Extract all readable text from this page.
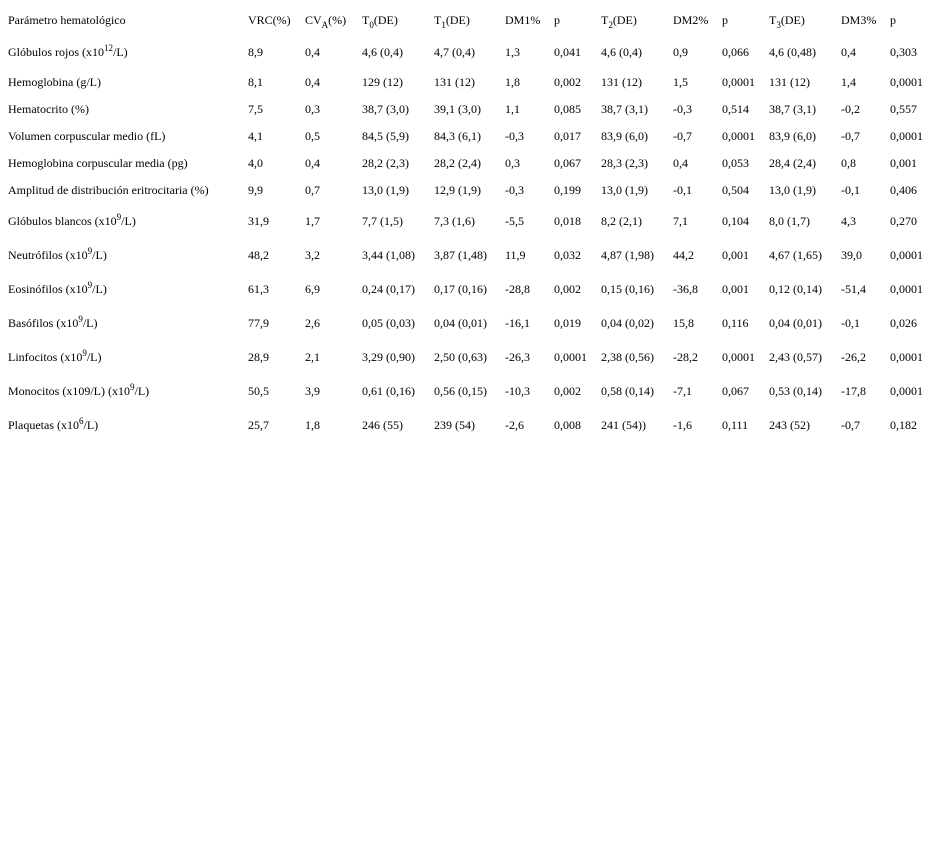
Parámetro hematológico	VRC(%)	$CV_A(\%)$	$T_0(DE)$	$T_1(DE)$	DM1%	p	$T_2(DE)$	DM2%	p	$T_3(DE)$	DM3%	p
Glóbulos rojos $(x10^{12}/L)$	8,9	0,4	4,6 (0,4)	4,7 (0,4)	1,3	0,041	4,6 (0,4)	0,9	0,066	4,6 (0,48)	0,4	0,303
Hemoglobina (g/L)	8,1	0,4	129 (12)	131 (12)	1,8	0,002	131 (12)	1,5	0,0001	131 (12)	1,4	0,0001
Hematocrito (%)	7,5	0,3	38,7 (3,0)	39,1 (3,0)	1,1	0,085	38,7 (3,1)	-0,3	0,514	38,7 (3,1)	-0,2	0,557
Volumen corpuscular medio (fL)	4,1	0,5	84,5 (5,9)	84,3 (6,1)	-0,3	0,017	83,9 (6,0)	-0,7	0,0001	83,9 (6,0)	-0,7	0,0001
Hemoglobina corpuscular media (pg)	4,0	0,4	28,2 (2,3)	28,2 (2,4)	0,3	0,067	28,3 (2,3)	0,4	0,053	28,4 (2,4)	0,8	0,001
Amplitud de distribución eritrocitaria (%)	9,9	0,7	13,0 (1,9)	12,9 (1,9)	-0,3	0,199	13,0 (1,9)	-0,1	0,504	13,0 (1,9)	-0,1	0,406
Glóbulos blancos $(x10^9/L)$	31,9	1,7	7,7 (1,5)	7,3 (1,6)	-5,5	0,018	8,2 (2,1)	7,1	0,104	8,0 (1,7)	4,3	0,270
Neutrófilos $(x10^9/L)$	48,2	3,2	3,44 (1,08)	3,87 (1,48)	11,9	0,032	4,87 (1,98)	44,2	0,001	4,67 (1,65)	39,0	0,0001
Eosinófilos $(x10^9/L)$	61,3	6,9	0,24 (0,17)	0,17 (0,16)	-28,8	0,002	0,15 (0,16)	-36,8	0,001	0,12 (0,14)	-51,4	0,0001
Basófilos $(x10^9/L)$	77,9	2,6	0,05 (0,03)	0,04 (0,01)	-16,1	0,019	0,04 (0,02)	15,8	0,116	0,04 (0,01)	-0,1	0,026
Linfocitos $(x10^9/L)$	28,9	2,1	3,29 (0,90)	2,50 (0,63)	-26,3	0,0001	2,38 (0,56)	-28,2	0,0001	2,43 (0,57)	-26,2	0,0001
Monocitos (x109/L) $(x10^9/L)$	50,5	3,9	0,61 (0,16)	0,56 (0,15)	-10,3	0,002	0,58 (0,14)	-7,1	0,067	0,53 (0,14)	-17,8	0,0001
Plaquetas $(x10^6/L)$	25,7	1,8	246 (55)	239 (54)	-2,6	0,008	241 (54))	-1,6	0,111	243 (52)	-0,7	0,182
